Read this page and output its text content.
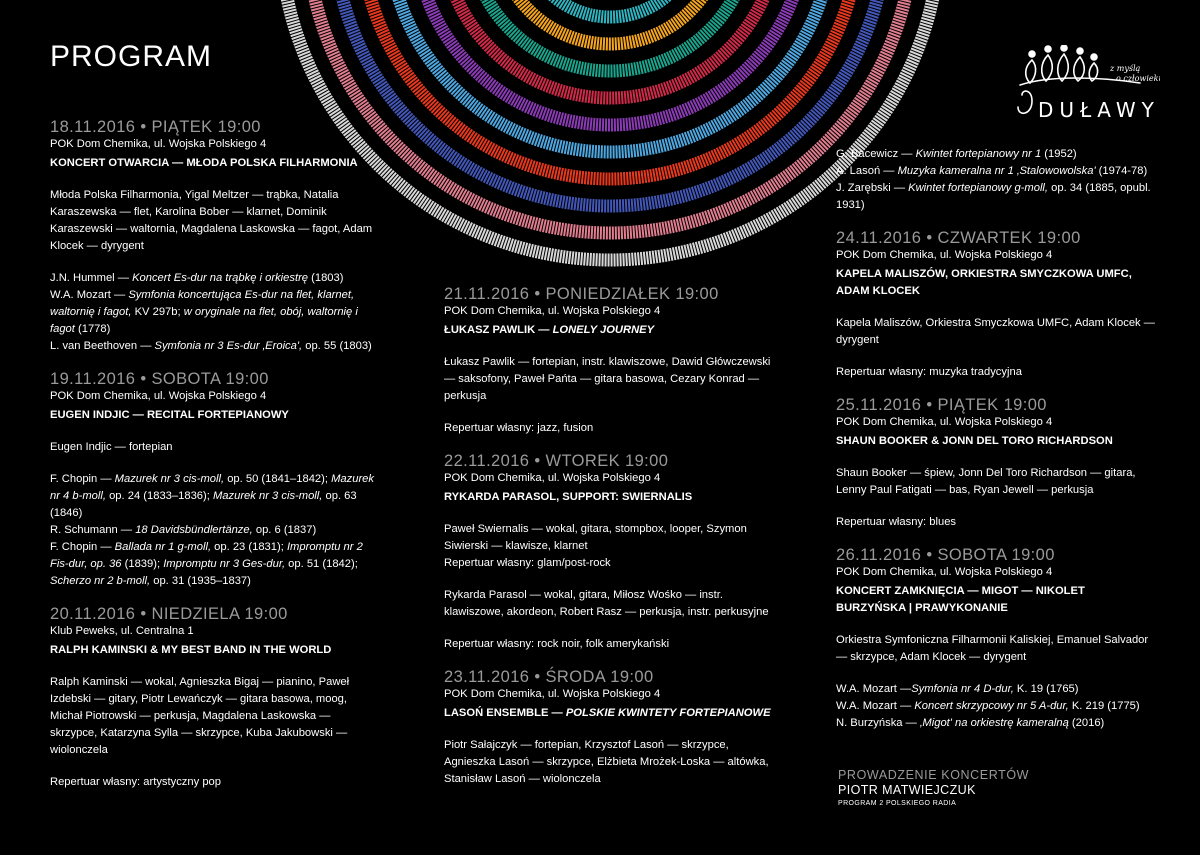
PROGRAM
DUŁAWY
z myślą
o człowieku
18.11.2016 • PIĄTEK 19:00
POK Dom Chemika, ul. Wojska Polskiego 4
KONCERT OTWARCIA — MŁODA POLSKA FILHARMONIA
Młoda Polska Filharmonia, Yigal Meltzer — trąbka, Natalia Karaszewska — flet, Karolina Bober — klarnet, Dominik Karaszewski — waltornia, Magdalena Laskowska — fagot, Adam Klocek — dyrygent
J.N. Hummel — Koncert Es-dur na trąbkę i orkiestrę (1803)
W.A. Mozart — Symfonia koncertująca Es-dur na flet, klarnet, waltornię i fagot, KV 297b; w oryginale na flet, obój, waltornię i fagot (1778)
L. van Beethoven — Symfonia nr 3 Es-dur ‚Eroica', op. 55 (1803)
19.11.2016 • SOBOTA 19:00
POK Dom Chemika, ul. Wojska Polskiego 4
EUGEN INDJIC — RECITAL FORTEPIANOWY
Eugen Indjic — fortepian
F. Chopin — Mazurek nr 3 cis-moll, op. 50 (1841–1842); Mazurek nr 4 b-moll, op. 24 (1833–1836); Mazurek nr 3 cis-moll, op. 63 (1846)
R. Schumann — 18 Davidsbündlertänze, op. 6 (1837)
F. Chopin — Ballada nr 1 g-moll, op. 23 (1831); Impromptu nr 2 Fis-dur, op. 36 (1839); Impromptu nr 3 Ges-dur, op. 51 (1842); Scherzo nr 2 b-moll, op. 31 (1935–1837)
20.11.2016 • NIEDZIELA 19:00
Klub Peweks, ul. Centralna 1
RALPH KAMINSKI & MY BEST BAND IN THE WORLD
Ralph Kaminski — wokal, Agnieszka Bigaj — pianino, Paweł Izdebski — gitary, Piotr Lewańczyk — gitara basowa, moog, Michał Piotrowski — perkusja, Magdalena Laskowska — skrzypce, Katarzyna Sylla — skrzypce, Kuba Jakubowski — wiolonczela
Repertuar własny: artystyczny pop
21.11.2016 • PONIEDZIAŁEK 19:00
POK Dom Chemika, ul. Wojska Polskiego 4
ŁUKASZ PAWLIK — LONELY JOURNEY
Łukasz Pawlik — fortepian, instr. klawiszowe, Dawid Główczewski — saksofony, Paweł Pańta — gitara basowa, Cezary Konrad — perkusja
Repertuar własny: jazz, fusion
22.11.2016 • WTOREK 19:00
POK Dom Chemika, ul. Wojska Polskiego 4
RYKARDA PARASOL, SUPPORT: SWIERNALIS
Paweł Swiernalis — wokal, gitara, stompbox, looper, Szymon Siwierski — klawisze, klarnet
Repertuar własny: glam/post-rock
Rykarda Parasol — wokal, gitara, Miłosz Wośko — instr. klawiszowe, akordeon, Robert Rasz — perkusja, instr. perkusyjne
Repertuar własny: rock noir, folk amerykański
23.11.2016 • ŚRODA 19:00
POK Dom Chemika, ul. Wojska Polskiego 4
LASOŃ ENSEMBLE — POLSKIE KWINTETY FORTEPIANOWE
Piotr Sałajczyk — fortepian, Krzysztof Lasoń — skrzypce, Agnieszka Lasoń — skrzypce, Elżbieta Mrożek-Loska — altówka, Stanisław Lasoń — wiolonczela
G. Bacewicz — Kwintet fortepianowy nr 1 (1952)
A. Lasoń — Muzyka kameralna nr 1 ‚Stalowowolska' (1974-78)
J. Zarębski — Kwintet fortepianowy g-moll, op. 34 (1885, opubl. 1931)
24.11.2016 • CZWARTEK 19:00
POK Dom Chemika, ul. Wojska Polskiego 4
KAPELA MALISZÓW, ORKIESTRA SMYCZKOWA UMFC, ADAM KLOCEK
Kapela Maliszów, Orkiestra Smyczkowa UMFC, Adam Klocek — dyrygent
Repertuar własny: muzyka tradycyjna
25.11.2016 • PIĄTEK 19:00
POK Dom Chemika, ul. Wojska Polskiego 4
SHAUN BOOKER & JONN DEL TORO RICHARDSON
Shaun Booker — śpiew, Jonn Del Toro Richardson — gitara, Lenny Paul Fatigati — bas, Ryan Jewell — perkusja
Repertuar własny: blues
26.11.2016 • SOBOTA 19:00
POK Dom Chemika, ul. Wojska Polskiego 4
KONCERT ZAMKNIĘCIA — MIGOT — NIKOLET BURZYŃSKA | PRAWYKONANIE
Orkiestra Symfoniczna Filharmonii Kaliskiej, Emanuel Salvador — skrzypce, Adam Klocek — dyrygent
W.A. Mozart —Symfonia nr 4 D-dur, K. 19 (1765)
W.A. Mozart — Koncert skrzypcowy nr 5 A-dur, K. 219 (1775)
N. Burzyńska — ‚Migot' na orkiestrę kameralną (2016)
PROWADZENIE KONCERTÓW
PIOTR MATWIEJCZUK
PROGRAM 2 POLSKIEGO RADIA
